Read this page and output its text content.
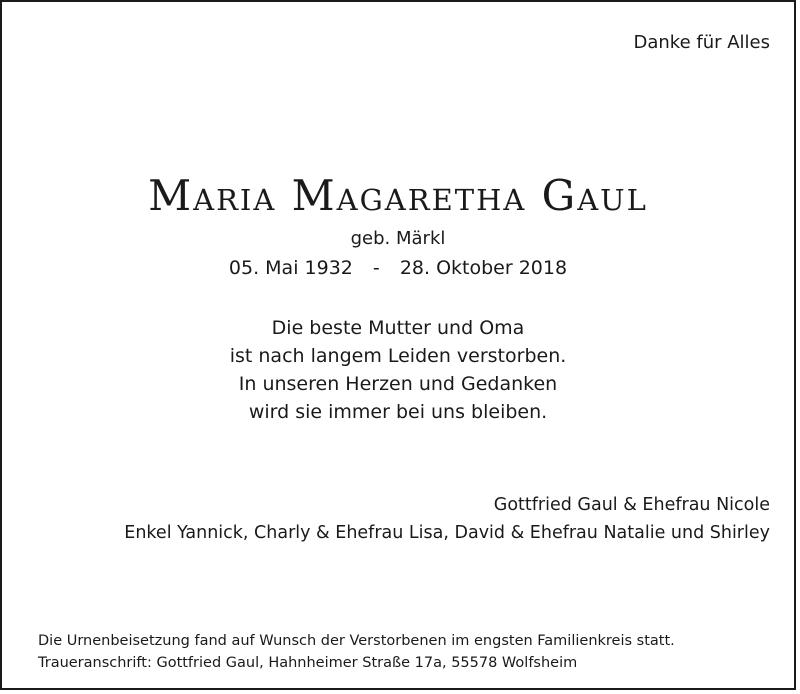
Danke für Alles
Maria Magaretha Gaul
geb. Märkl
05. Mai 1932 - 28. Oktober 2018
Die beste Mutter und Oma
ist nach langem Leiden verstorben.
In unseren Herzen und Gedanken
wird sie immer bei uns bleiben.
Gottfried Gaul & Ehefrau Nicole
Enkel Yannick, Charly & Ehefrau Lisa, David & Ehefrau Natalie und Shirley
Die Urnenbeisetzung fand auf Wunsch der Verstorbenen im engsten Familienkreis statt.
Traueranschrift: Gottfried Gaul, Hahnheimer Straße 17a, 55578 Wolfsheim
